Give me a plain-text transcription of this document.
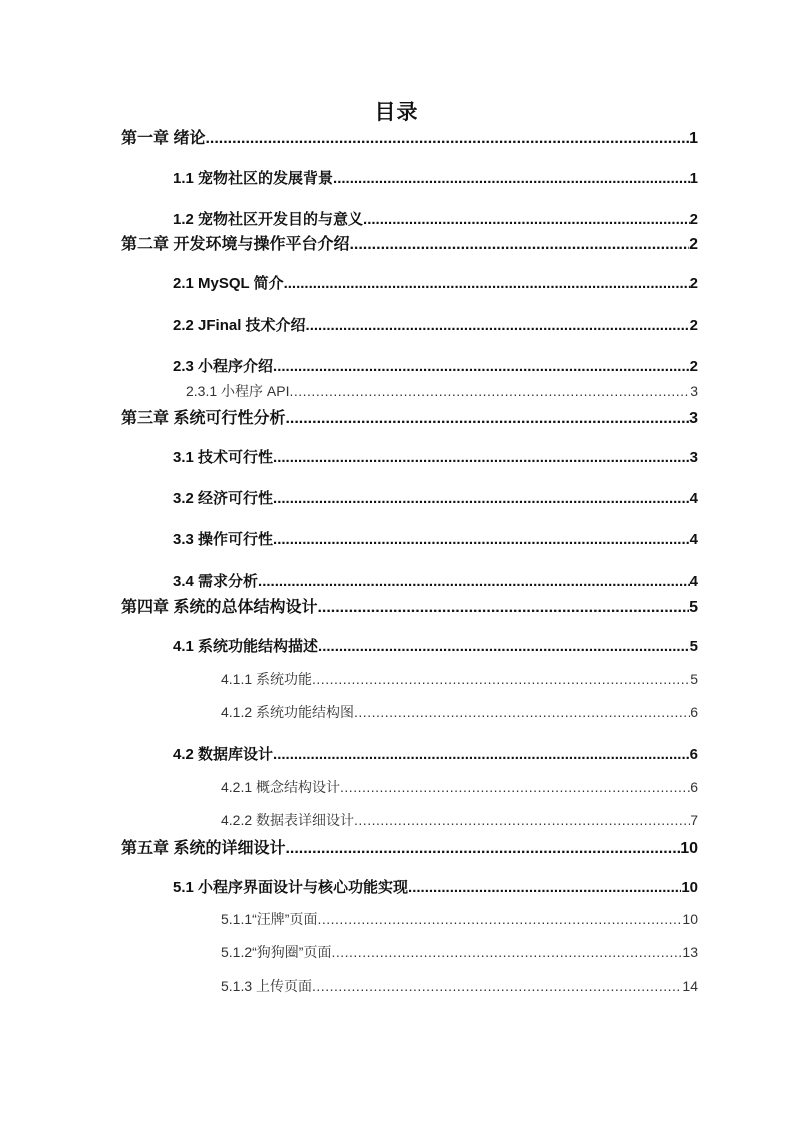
目录
第一章 绪论 .....	1
1.1 宠物社区的发展背景 .....	1
1.2 宠物社区开发目的与意义 .....	2
第二章 开发环境与操作平台介绍 .....	2
2.1 MySQL 简介 .....	2
2.2 JFinal 技术介绍 .....	2
2.3 小程序介绍 .....	2
2.3.1 小程序 API .....	3
第三章 系统可行性分析 .....	3
3.1 技术可行性 .....	3
3.2 经济可行性 .....	4
3.3 操作可行性 .....	4
3.4 需求分析 .....	4
第四章 系统的总体结构设计 .....	5
4.1 系统功能结构描述 .....	5
4.1.1 系统功能 .....	5
4.1.2 系统功能结构图 .....	6
4.2 数据库设计 .....	6
4.2.1 概念结构设计 .....	6
4.2.2 数据表详细设计 .....	7
第五章 系统的详细设计 .....	10
5.1 小程序界面设计与核心功能实现 .....	10
5.1.1“汪牌”页面 .....	10
5.1.2“狗狗圈”页面 .....	13
5.1.3 上传页面 .....	14
